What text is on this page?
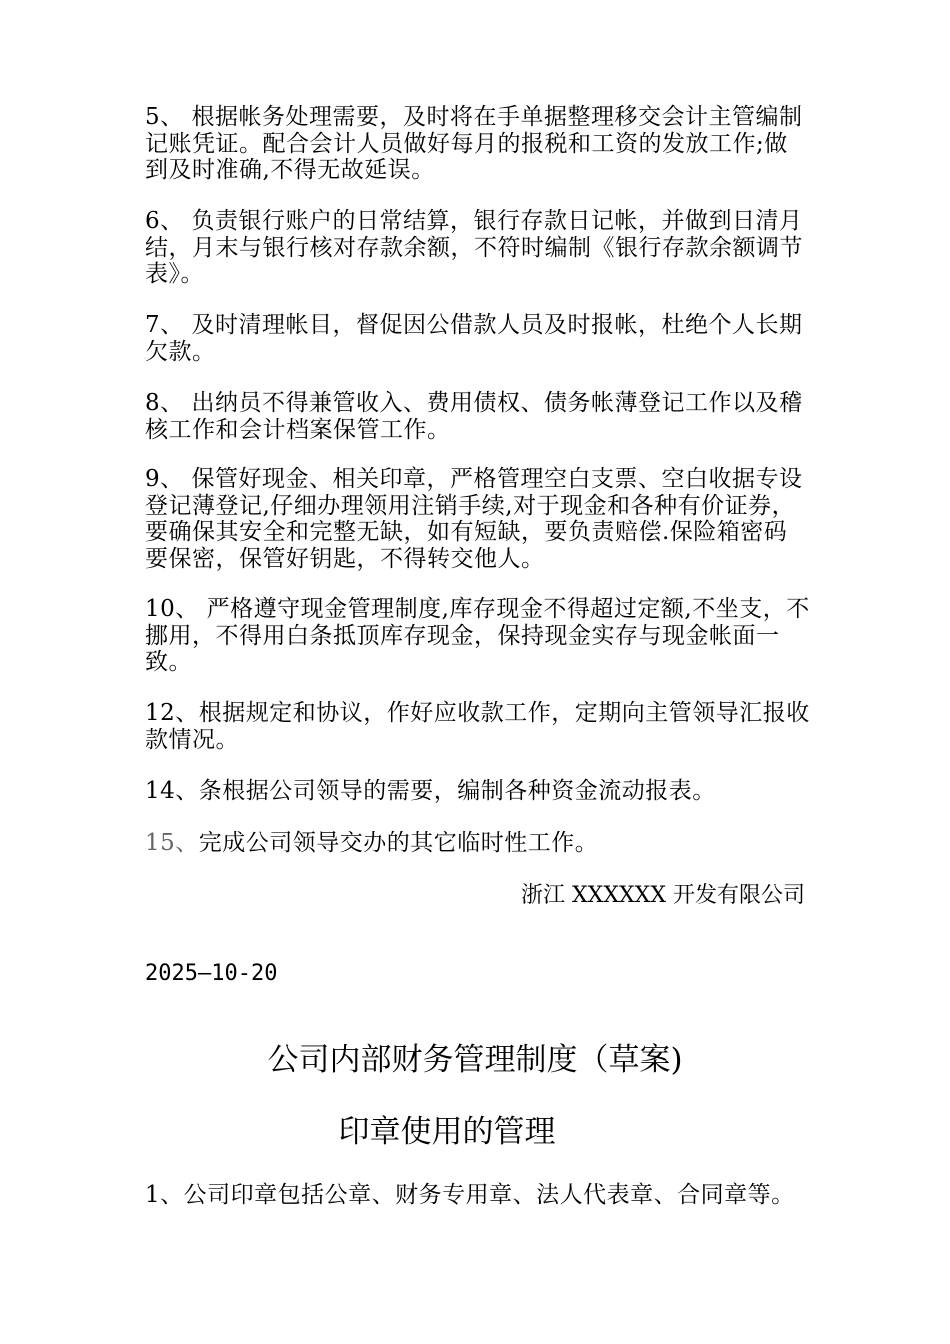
5、 根据帐务处理需要，及时将在手单据整理移交会计主管编制记账凭证。配合会计人员做好每月的报税和工资的发放工作;做到及时准确,不得无故延误。

6、 负责银行账户的日常结算，银行存款日记帐，并做到日清月结，月末与银行核对存款余额，不符时编制《银行存款余额调节表》。

7、 及时清理帐目，督促因公借款人员及时报帐，杜绝个人长期欠款。

8、 出纳员不得兼管收入、费用债权、债务帐薄登记工作以及稽核工作和会计档案保管工作。

9、 保管好现金、相关印章，严格管理空白支票、空白收据专设登记薄登记,仔细办理领用注销手续,对于现金和各种有价证券，要确保其安全和完整无缺，如有短缺，要负责赔偿.保险箱密码要保密，保管好钥匙，不得转交他人。

10、 严格遵守现金管理制度,库存现金不得超过定额,不坐支，不挪用，不得用白条抵顶库存现金，保持现金实存与现金帐面一致。

12、根据规定和协议，作好应收款工作，定期向主管领导汇报收款情况。

14、条根据公司领导的需要，编制各种资金流动报表。

15、完成公司领导交办的其它临时性工作。

浙江 XXXXXX 开发有限公司
2025—10-20
公司内部财务管理制度（草案)
印章使用的管理

1、公司印章包括公章、财务专用章、法人代表章、合同章等。
